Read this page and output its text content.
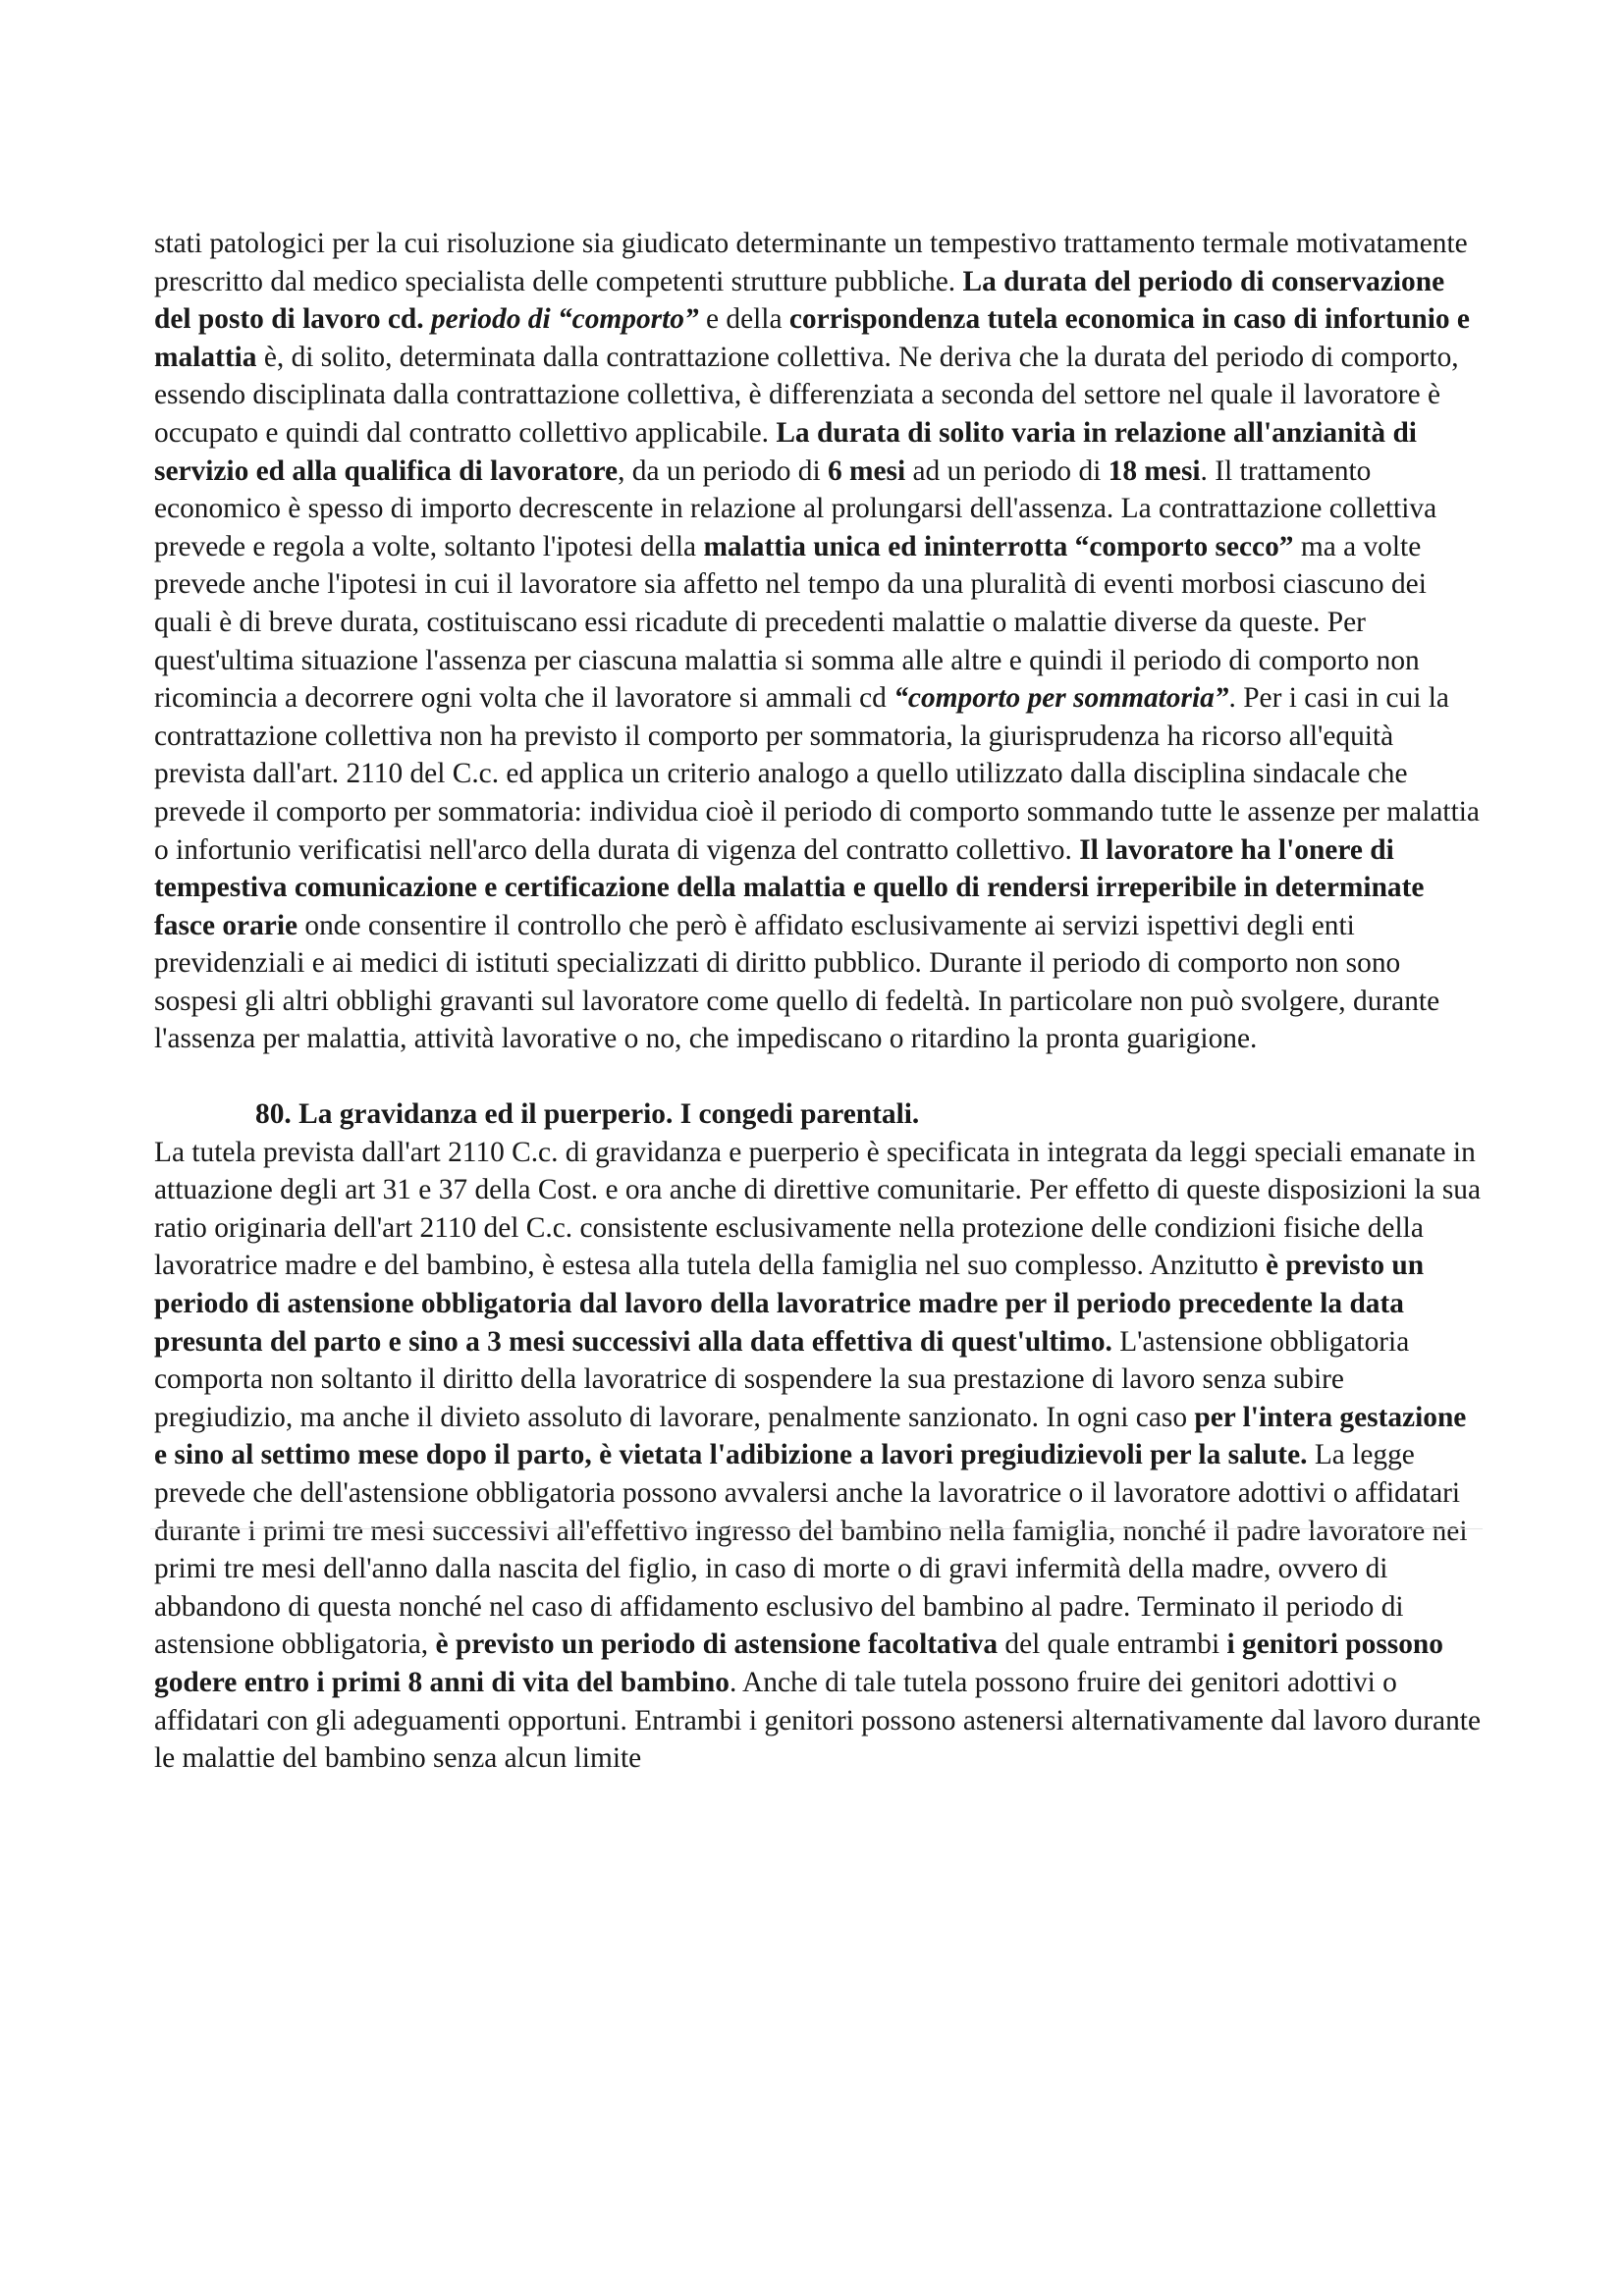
stati patologici per la cui risoluzione sia giudicato determinante un tempestivo trattamento termale motivatamente prescritto dal medico specialista delle competenti strutture pubbliche. La durata del periodo di conservazione del posto di lavoro cd. periodo di “comporto” e della corrispondenza tutela economica in caso di infortunio e malattia è, di solito, determinata dalla contrattazione collettiva. Ne deriva che la durata del periodo di comporto, essendo disciplinata dalla contrattazione collettiva, è differenziata a seconda del settore nel quale il lavoratore è occupato e quindi dal contratto collettivo applicabile. La durata di solito varia in relazione all'anzianità di servizio ed alla qualifica di lavoratore, da un periodo di 6 mesi ad un periodo di 18 mesi. Il trattamento economico è spesso di importo decrescente in relazione al prolungarsi dell'assenza. La contrattazione collettiva prevede e regola a volte, soltanto l'ipotesi della malattia unica ed ininterrotta “comporto secco” ma a volte prevede anche l'ipotesi in cui il lavoratore sia affetto nel tempo da una pluralità di eventi morbosi ciascuno dei quali è di breve durata, costituiscano essi ricadute di precedenti malattie o malattie diverse da queste. Per quest'ultima situazione l'assenza per ciascuna malattia si somma alle altre e quindi il periodo di comporto non ricomincia a decorrere ogni volta che il lavoratore si ammali cd “comporto per sommatoria”. Per i casi in cui la contrattazione collettiva non ha previsto il comporto per sommatoria, la giurisprudenza ha ricorso all'equità prevista dall'art. 2110 del C.c. ed applica un criterio analogo a quello utilizzato dalla disciplina sindacale che prevede il comporto per sommatoria: individua cioè il periodo di comporto sommando tutte le assenze per malattia o infortunio verificatisi nell'arco della durata di vigenza del contratto collettivo. Il lavoratore ha l'onere di tempestiva comunicazione e certificazione della malattia e quello di rendersi irreperibile in determinate fasce orarie onde consentire il controllo che però è affidato esclusivamente ai servizi ispettivi degli enti previdenziali e ai medici di istituti specializzati di diritto pubblico. Durante il periodo di comporto non sono sospesi gli altri obblighi gravanti sul lavoratore come quello di fedeltà. In particolare non può svolgere, durante l'assenza per malattia, attività lavorative o no, che impediscano o ritardino la pronta guarigione.

80. La gravidanza ed il puerperio. I congedi parentali.

La tutela prevista dall'art 2110 C.c. di gravidanza e puerperio è specificata in integrata da leggi speciali emanate in attuazione degli art 31 e 37 della Cost. e ora anche di direttive comunitarie. Per effetto di queste disposizioni la sua ratio originaria dell'art 2110 del C.c. consistente esclusivamente nella protezione delle condizioni fisiche della lavoratrice madre e del bambino, è estesa alla tutela della famiglia nel suo complesso. Anzitutto è previsto un periodo di astensione obbligatoria dal lavoro della lavoratrice madre per il periodo precedente la data presunta del parto e sino a 3 mesi successivi alla data effettiva di quest'ultimo. L'astensione obbligatoria comporta non soltanto il diritto della lavoratrice di sospendere la sua prestazione di lavoro senza subire pregiudizio, ma anche il divieto assoluto di lavorare, penalmente sanzionato. In ogni caso per l'intera gestazione e sino al settimo mese dopo il parto, è vietata l'adibizione a lavori pregiudizievoli per la salute. La legge prevede che dell'astensione obbligatoria possono avvalersi anche la lavoratrice o il lavoratore adottivi o affidatari durante i primi tre mesi successivi all'effettivo ingresso del bambino nella famiglia, nonché il padre lavoratore nei primi tre mesi dell'anno dalla nascita del figlio, in caso di morte o di gravi infermità della madre, ovvero di abbandono di questa nonché nel caso di affidamento esclusivo del bambino al padre. Terminato il periodo di astensione obbligatoria, è previsto un periodo di astensione facoltativa del quale entrambi i genitori possono godere entro i primi 8 anni di vita del bambino. Anche di tale tutela possono fruire dei genitori adottivi o affidatari con gli adeguamenti opportuni. Entrambi i genitori possono astenersi alternativamente dal lavoro durante le malattie del bambino senza alcun limite
